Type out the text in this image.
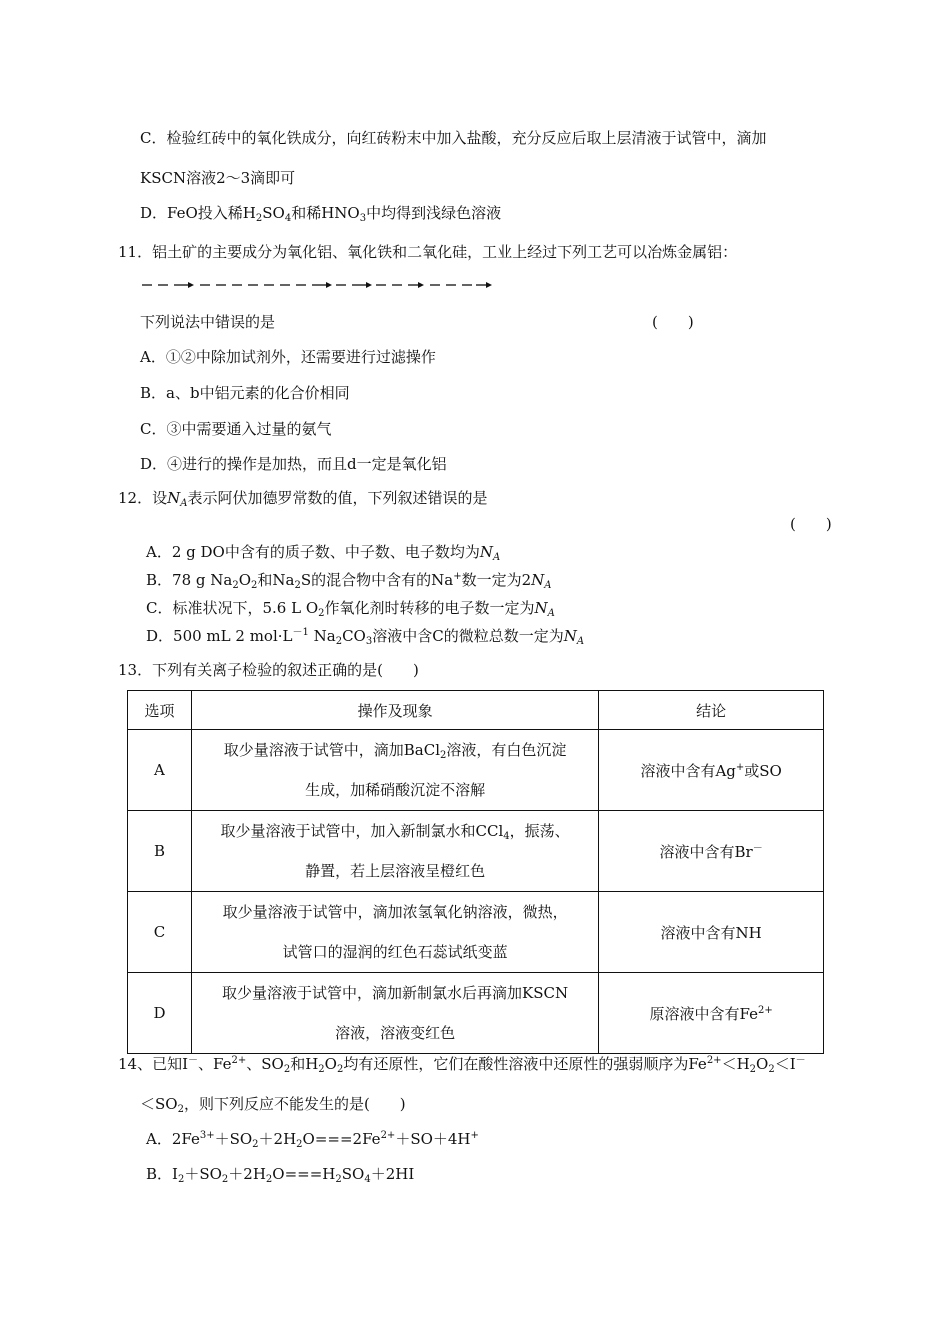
C．检验红砖中的氧化铁成分，向红砖粉末中加入盐酸，充分反应后取上层清液于试管中，滴加
KSCN溶液2～3滴即可
D．FeO投入稀$H_2SO_4$和稀$HNO_3$中均得到浅绿色溶液
11．铝土矿的主要成分为氧化铝、氧化铁和二氧化硅，工业上经过下列工艺可以冶炼金属铝：
下列说法中错误的是	(　　)
A．①②中除加试剂外，还需要进行过滤操作
B．a、b中铝元素的化合价相同
C．③中需要通入过量的氨气
D．④进行的操作是加热，而且d一定是氧化铝
12．设$N_A$表示阿伏加德罗常数的值，下列叙述错误的是
(　　)
A．2 g DO中含有的质子数、中子数、电子数均为$N_A$
B．78 g $Na_2O_2$和$Na_2S$的混合物中含有的Na+数一定为$2N_A$
C．标准状况下，5.6 L $O_2$作氧化剂时转移的电子数一定为$N_A$
D．500 mL 2 $mol\cdot L^{-1}$ $Na_2CO_3$溶液中含C的微粒总数一定为$N_A$
13．下列有关离子检验的叙述正确的是(　　)
选项	操作及现象	结论
A	取少量溶液于试管中，滴加BaCl$_2$溶液，有白色沉淀
生成，加稀硝酸沉淀不溶解	溶液中含有Ag+或SO
B	取少量溶液于试管中，加入新制氯水和CCl$_4$，振荡、
静置，若上层溶液呈橙红色	溶液中含有Br－
C	取少量溶液于试管中，滴加浓氢氧化钠溶液，微热，
试管口的湿润的红色石蕊试纸变蓝	溶液中含有NH
D	取少量溶液于试管中，滴加新制氯水后再滴加KSCN
溶液，溶液变红色	原溶液中含有$Fe^{2+}$
14、已知I－、$Fe^{2+}$、$SO_2$和$H_2O_2$均有还原性，它们在酸性溶液中还原性的强弱顺序为$Fe^{2+}<H_2O_2<I^-$
$<SO_2$，则下列反应不能发生的是(　　)
A．$2Fe^{3+}+SO_2+2H_2O===2Fe^{2+}+SO+4H^+$
B．$I_2+SO_2+2H_2O===H_2SO_4+2HI$
